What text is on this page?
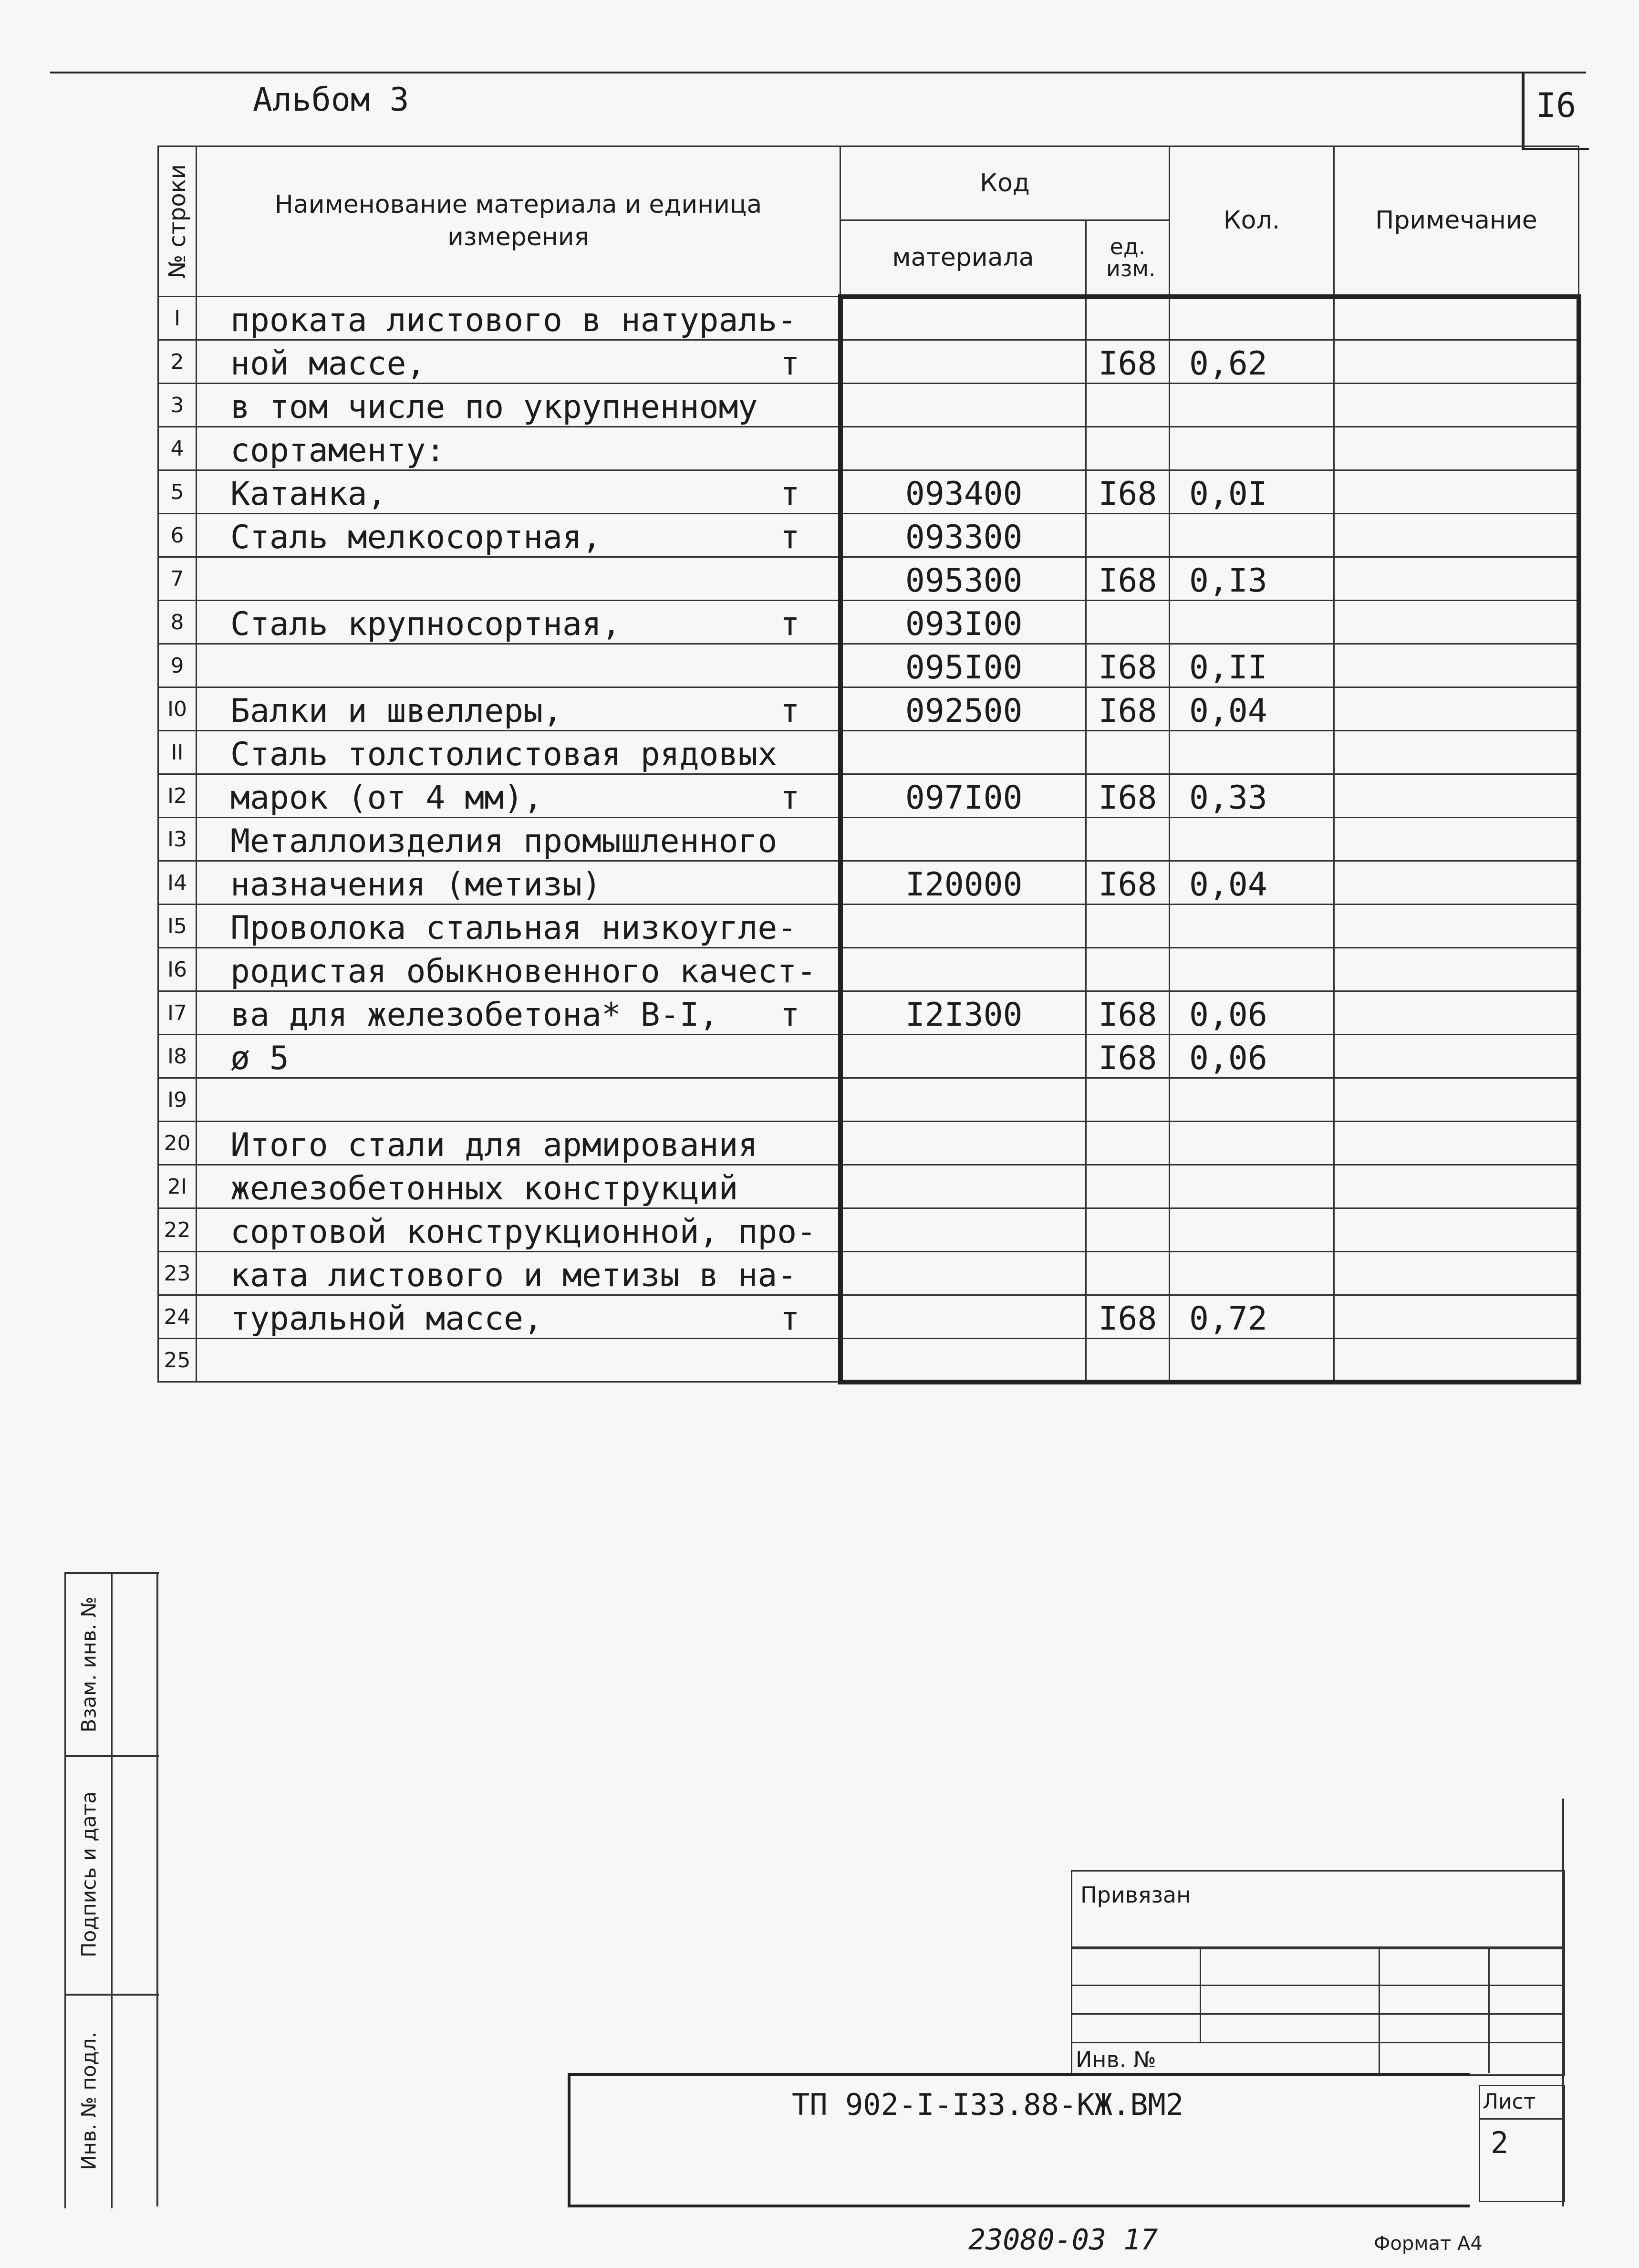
Альбом 3	I6
№ строки	Наименование материала и единица измерения	Код		Кол.	Примечание
		материала	ед. изм.		

I	проката листового в натураль-				

2	ной массе, т		I68	0,62	
3	в том числе по укрупненному				

4	сортаменту:				

5	Катанка, т	093400	I68	0,0I	
6	Сталь мелкосортная, т	093300			
7		095300	I68	0,I3	
8	Сталь крупносортная, т	093I00			
9		095I00	I68	0,II	
I0	Балки и швеллеры, т	092500	I68	0,04	
II	Сталь толстолистовая рядовых				

I2	марок (от 4 мм), т	097I00	I68	0,33	
I3	Металлоизделия промышленного				

I4	назначения (метизы)	I20000	I68	0,04	
I5	Проволока стальная низкоугле-				

I6	родистая обыкновенного качест-				

I7	ва для железобетона* В-I, т	I2I300	I68	0,06	
I8	ø 5		I68	0,06	
I9	

20	Итого стали для армирования				

2I	железобетонных конструкций				

22	сортовой конструкционной, про-				

23	ката листового и метизы в на-				

24	туральной массе, т		I68	0,72	
25	

Взам. инв. №
Подпись и дата
Инв. № подл.
Привязан
Инв. №
ТП 902-I-I33.88-КЖ.ВМ2	Лист
2
23080-03 17	Формат А4
